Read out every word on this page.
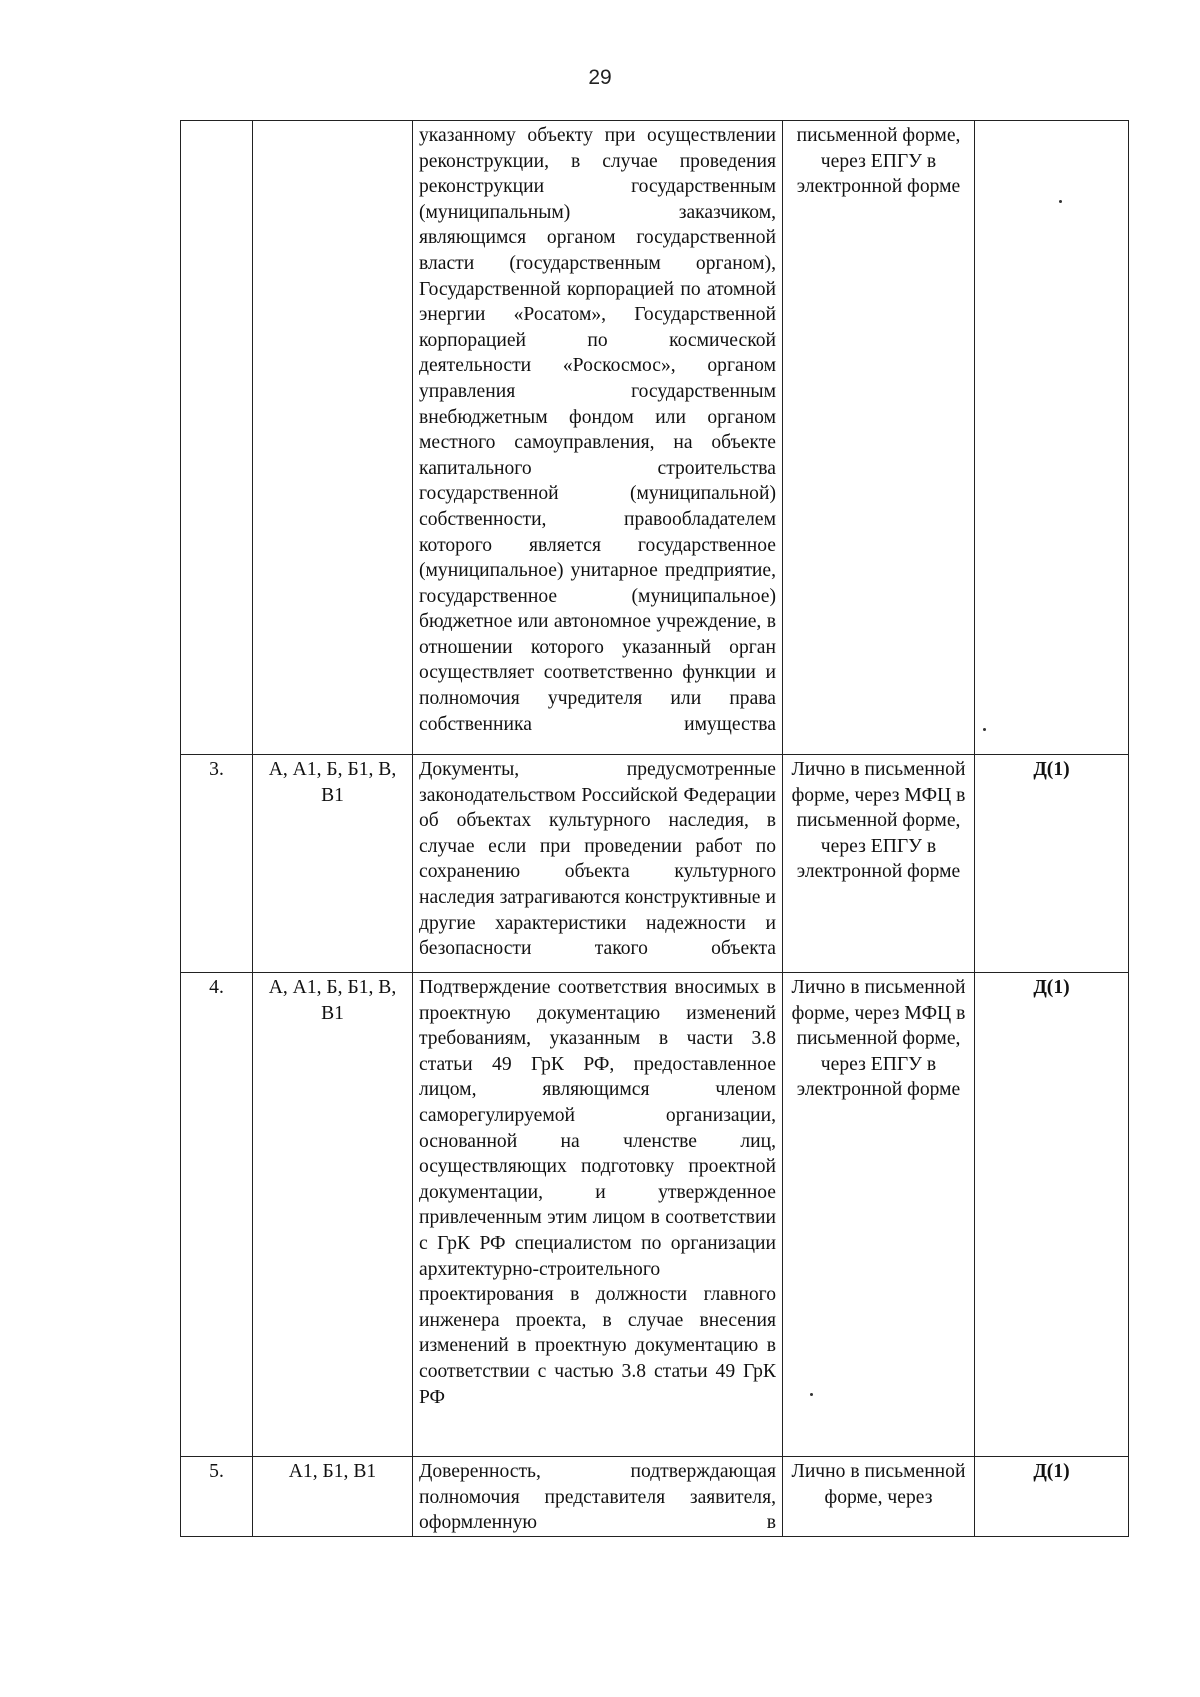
29

		указанному объекту при осуществлении реконструкции, в случае проведения реконструкции государственным (муниципальным) заказчиком, являющимся органом государственной власти (государственным органом), Государственной корпорацией по атомной энергии «Росатом», Государственной корпорацией по космической деятельности «Роскосмос», органом управления государственным внебюджетным фондом или органом местного самоуправления, на объекте капитального строительства государственной (муниципальной) собственности, правообладателем которого является государственное (муниципальное) унитарное предприятие, государственное (муниципальное) бюджетное или автономное учреждение, в отношении которого указанный орган осуществляет соответственно функции и полномочия учредителя или права собственника имущества	письменной форме, через ЕПГУ в электронной форме	
3.	А, А1, Б, Б1, В, В1	Документы, предусмотренные законодательством Российской Федерации об объектах культурного наследия, в случае если при проведении работ по сохранению объекта культурного наследия затрагиваются конструктивные и другие характеристики надежности и безопасности такого объекта	Лично в письменной форме, через МФЦ в письменной форме, через ЕПГУ в электронной форме	Д(1)
4.	А, А1, Б, Б1, В, В1	Подтверждение соответствия вносимых в проектную документацию изменений требованиям, указанным в части 3.8 статьи 49 ГрК РФ, предоставленное лицом, являющимся членом саморегулируемой организации, основанной на членстве лиц, осуществляющих подготовку проектной документации, и утвержденное привлеченным этим лицом в соответствии с ГрК РФ специалистом по организации архитектурно-строительного проектирования в должности главного инженера проекта, в случае внесения изменений в проектную документацию в соответствии с частью 3.8 статьи 49 ГрК РФ	Лично в письменной форме, через МФЦ в письменной форме, через ЕПГУ в электронной форме	Д(1)
5.	А1, Б1, В1	Доверенность, подтверждающая полномочия представителя заявителя, оформленную в	Лично в письменной форме, через	Д(1)
